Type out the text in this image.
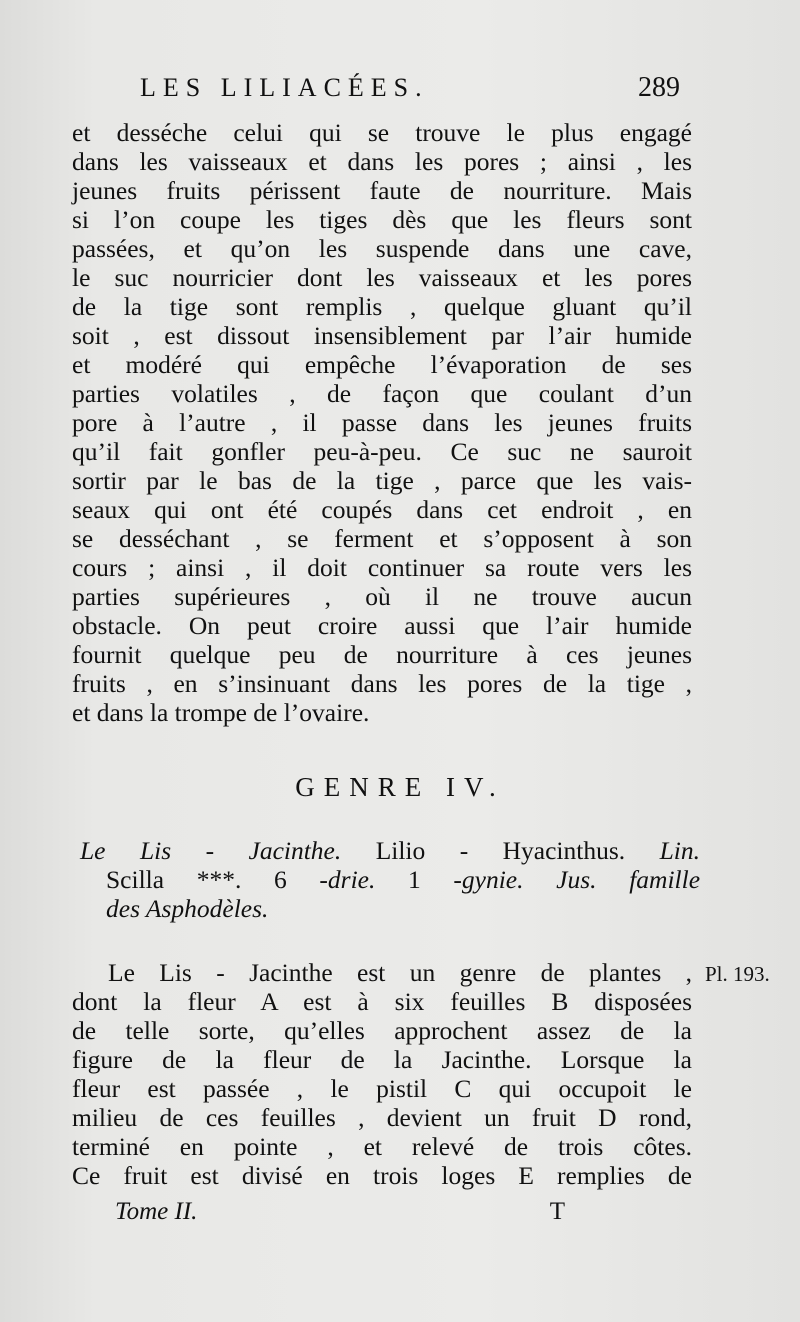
LES LILIACÉES.	289
et desséche celui qui se trouve le plus engagé
dans les vaisseaux et dans les pores ; ainsi , les
jeunes fruits périssent faute de nourriture. Mais
si l’on coupe les tiges dès que les fleurs sont
passées, et qu’on les suspende dans une cave,
le suc nourricier dont les vaisseaux et les pores
de la tige sont remplis , quelque gluant qu’il
soit , est dissout insensiblement par l’air humide
et modéré qui empêche l’évaporation de ses
parties volatiles , de façon que coulant d’un
pore à l’autre , il passe dans les jeunes fruits
qu’il fait gonfler peu-à-peu. Ce suc ne sauroit
sortir par le bas de la tige , parce que les vais-
seaux qui ont été coupés dans cet endroit , en
se desséchant , se ferment et s’opposent à son
cours ; ainsi , il doit continuer sa route vers les
parties supérieures , où il ne trouve aucun
obstacle. On peut croire aussi que l’air humide
fournit quelque peu de nourriture à ces jeunes
fruits , en s’insinuant dans les pores de la tige ,
et dans la trompe de l’ovaire.
GENRE IV.
Le Lis - Jacinthe. Lilio - Hyacinthus. Lin.
Scilla ***. 6 -drie. 1 -gynie. Jus. famille
des Asphodèles.
Le Lis - Jacinthe est un genre de plantes ,
dont la fleur A est à six feuilles B disposées
de telle sorte, qu’elles approchent assez de la
figure de la fleur de la Jacinthe. Lorsque la
fleur est passée , le pistil C qui occupoit le
milieu de ces feuilles , devient un fruit D rond,
terminé en pointe , et relevé de trois côtes.
Ce fruit est divisé en trois loges E remplies de
Pl. 193.
Tome II.	T
